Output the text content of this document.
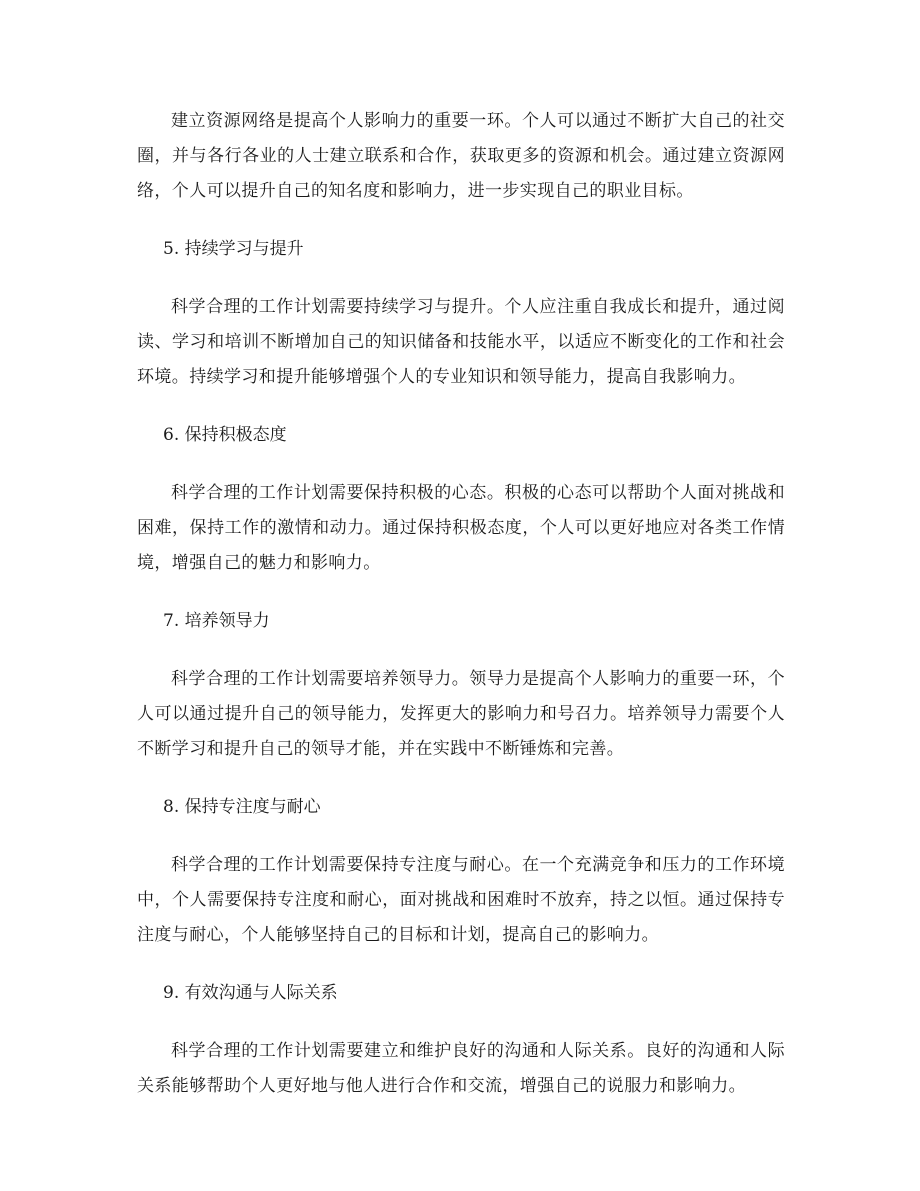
建立资源网络是提高个人影响力的重要一环。个人可以通过不断扩大自己的社交圈，并与各行各业的人士建立联系和合作，获取更多的资源和机会。通过建立资源网络，个人可以提升自己的知名度和影响力，进一步实现自己的职业目标。

5. 持续学习与提升

科学合理的工作计划需要持续学习与提升。个人应注重自我成长和提升，通过阅读、学习和培训不断增加自己的知识储备和技能水平，以适应不断变化的工作和社会环境。持续学习和提升能够增强个人的专业知识和领导能力，提高自我影响力。

6. 保持积极态度

科学合理的工作计划需要保持积极的心态。积极的心态可以帮助个人面对挑战和困难，保持工作的激情和动力。通过保持积极态度，个人可以更好地应对各类工作情境，增强自己的魅力和影响力。

7. 培养领导力

科学合理的工作计划需要培养领导力。领导力是提高个人影响力的重要一环，个人可以通过提升自己的领导能力，发挥更大的影响力和号召力。培养领导力需要个人不断学习和提升自己的领导才能，并在实践中不断锤炼和完善。

8. 保持专注度与耐心

科学合理的工作计划需要保持专注度与耐心。在一个充满竞争和压力的工作环境中，个人需要保持专注度和耐心，面对挑战和困难时不放弃，持之以恒。通过保持专注度与耐心，个人能够坚持自己的目标和计划，提高自己的影响力。

9. 有效沟通与人际关系

科学合理的工作计划需要建立和维护良好的沟通和人际关系。良好的沟通和人际关系能够帮助个人更好地与他人进行合作和交流，增强自己的说服力和影响力。
